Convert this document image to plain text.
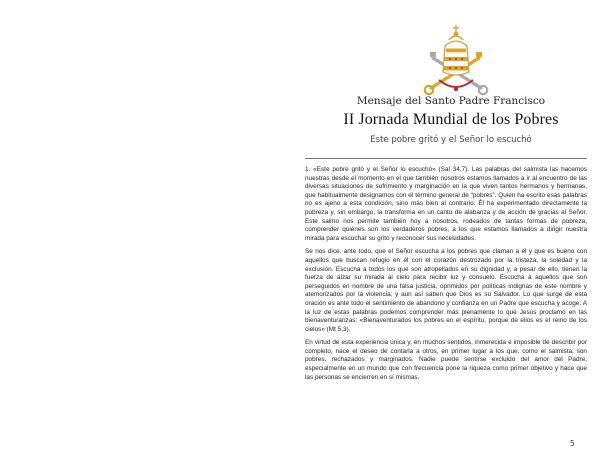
Mensaje del Santo Padre Francisco
II Jornada Mundial de los Pobres
Este pobre gritó y el Señor lo escuchó

1. «Este pobre gritó y el Señor lo escuchó» (Sal 34,7). Las palabras del salmista las hacemos nuestras desde el momento en el que también nosotros estamos llamados a ir al encuentro de las diversas situaciones de sufrimiento y marginación en la que viven tantos hermanos y hermanas, que habitualmente designamos con el término general de “pobres”. Quien ha escrito esas palabras no es ajeno a esta condición, sino más bien al contrario. Él ha experimentado directamente la pobreza y, sin embargo, la transforma en un canto de alabanza y de acción de gracias al Señor. Este salmo nos permite también hoy a nosotros, rodeados de tantas formas de pobreza, comprender quiénes son los verdaderos pobres, a los que estamos llamados a dirigir nuestra mirada para escuchar su grito y reconocer sus necesidades.

Se nos dice, ante todo, que el Señor escucha a los pobres que claman a él y que es bueno con aquellos que buscan refugio en él con el corazón destrozado por la tristeza, la soledad y la exclusión. Escucha a todos los que son atropellados en su dignidad y, a pesar de ello, tienen la fuerza de alzar su mirada al cielo para recibir luz y consuelo. Escucha a aquellos que son perseguidos en nombre de una falsa justicia, oprimidos por políticas indignas de este nombre y atemorizados por la violencia; y aun así saben que Dios es su Salvador. Lo que surge de esta oración es ante todo el sentimiento de abandono y confianza en un Padre que escucha y acoge. A la luz de estas palabras podemos comprender más plenamente lo que Jesús proclamó en las bienaventuranzas: «Bienaventurados los pobres en el espíritu, porque de ellos es el reino de los cielos» (Mt 5,3).

En virtud de esta experiencia única y, en muchos sentidos, inmerecida e imposible de describir por completo, nace el deseo de contarla a otros, en primer lugar a los que, como el salmista, son pobres, rechazados y marginados. Nadie puede sentirse excluido del amor del Padre, especialmente en un mundo que con frecuencia pone la riqueza como primer objetivo y hace que las personas se encierren en sí mismas.

5
